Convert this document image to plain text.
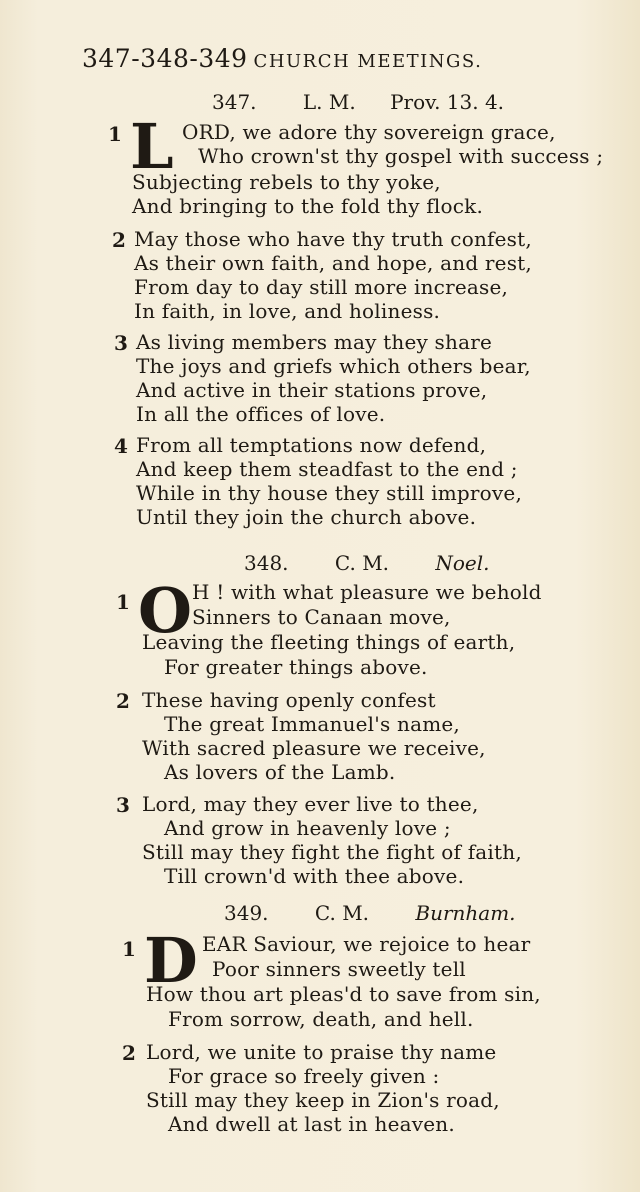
347-348-349 CHURCH MEETINGS.
347. L. M. Prov. 13. 4.
1 L ORD, we adore thy sovereign grace,
Who crown'st thy gospel with success ;
Subjecting rebels to thy yoke,
And bringing to the fold thy flock.
2 May those who have thy truth confest,
As their own faith, and hope, and rest,
From day to day still more increase,
In faith, in love, and holiness.
3 As living members may they share
The joys and griefs which others bear,
And active in their stations prove,
In all the offices of love.
4 From all temptations now defend,
And keep them steadfast to the end ;
While in thy house they still improve,
Until they join the church above.
348. C. M. Noel.
1 O H ! with what pleasure we behold
Sinners to Canaan move,
Leaving the fleeting things of earth,
For greater things above.
2 These having openly confest
The great Immanuel's name,
With sacred pleasure we receive,
As lovers of the Lamb.
3 Lord, may they ever live to thee,
And grow in heavenly love ;
Still may they fight the fight of faith,
Till crown'd with thee above.
349. C. M. Burnham.
1 D EAR Saviour, we rejoice to hear
Poor sinners sweetly tell
How thou art pleas'd to save from sin,
From sorrow, death, and hell.
2 Lord, we unite to praise thy name
For grace so freely given :
Still may they keep in Zion's road,
And dwell at last in heaven.
